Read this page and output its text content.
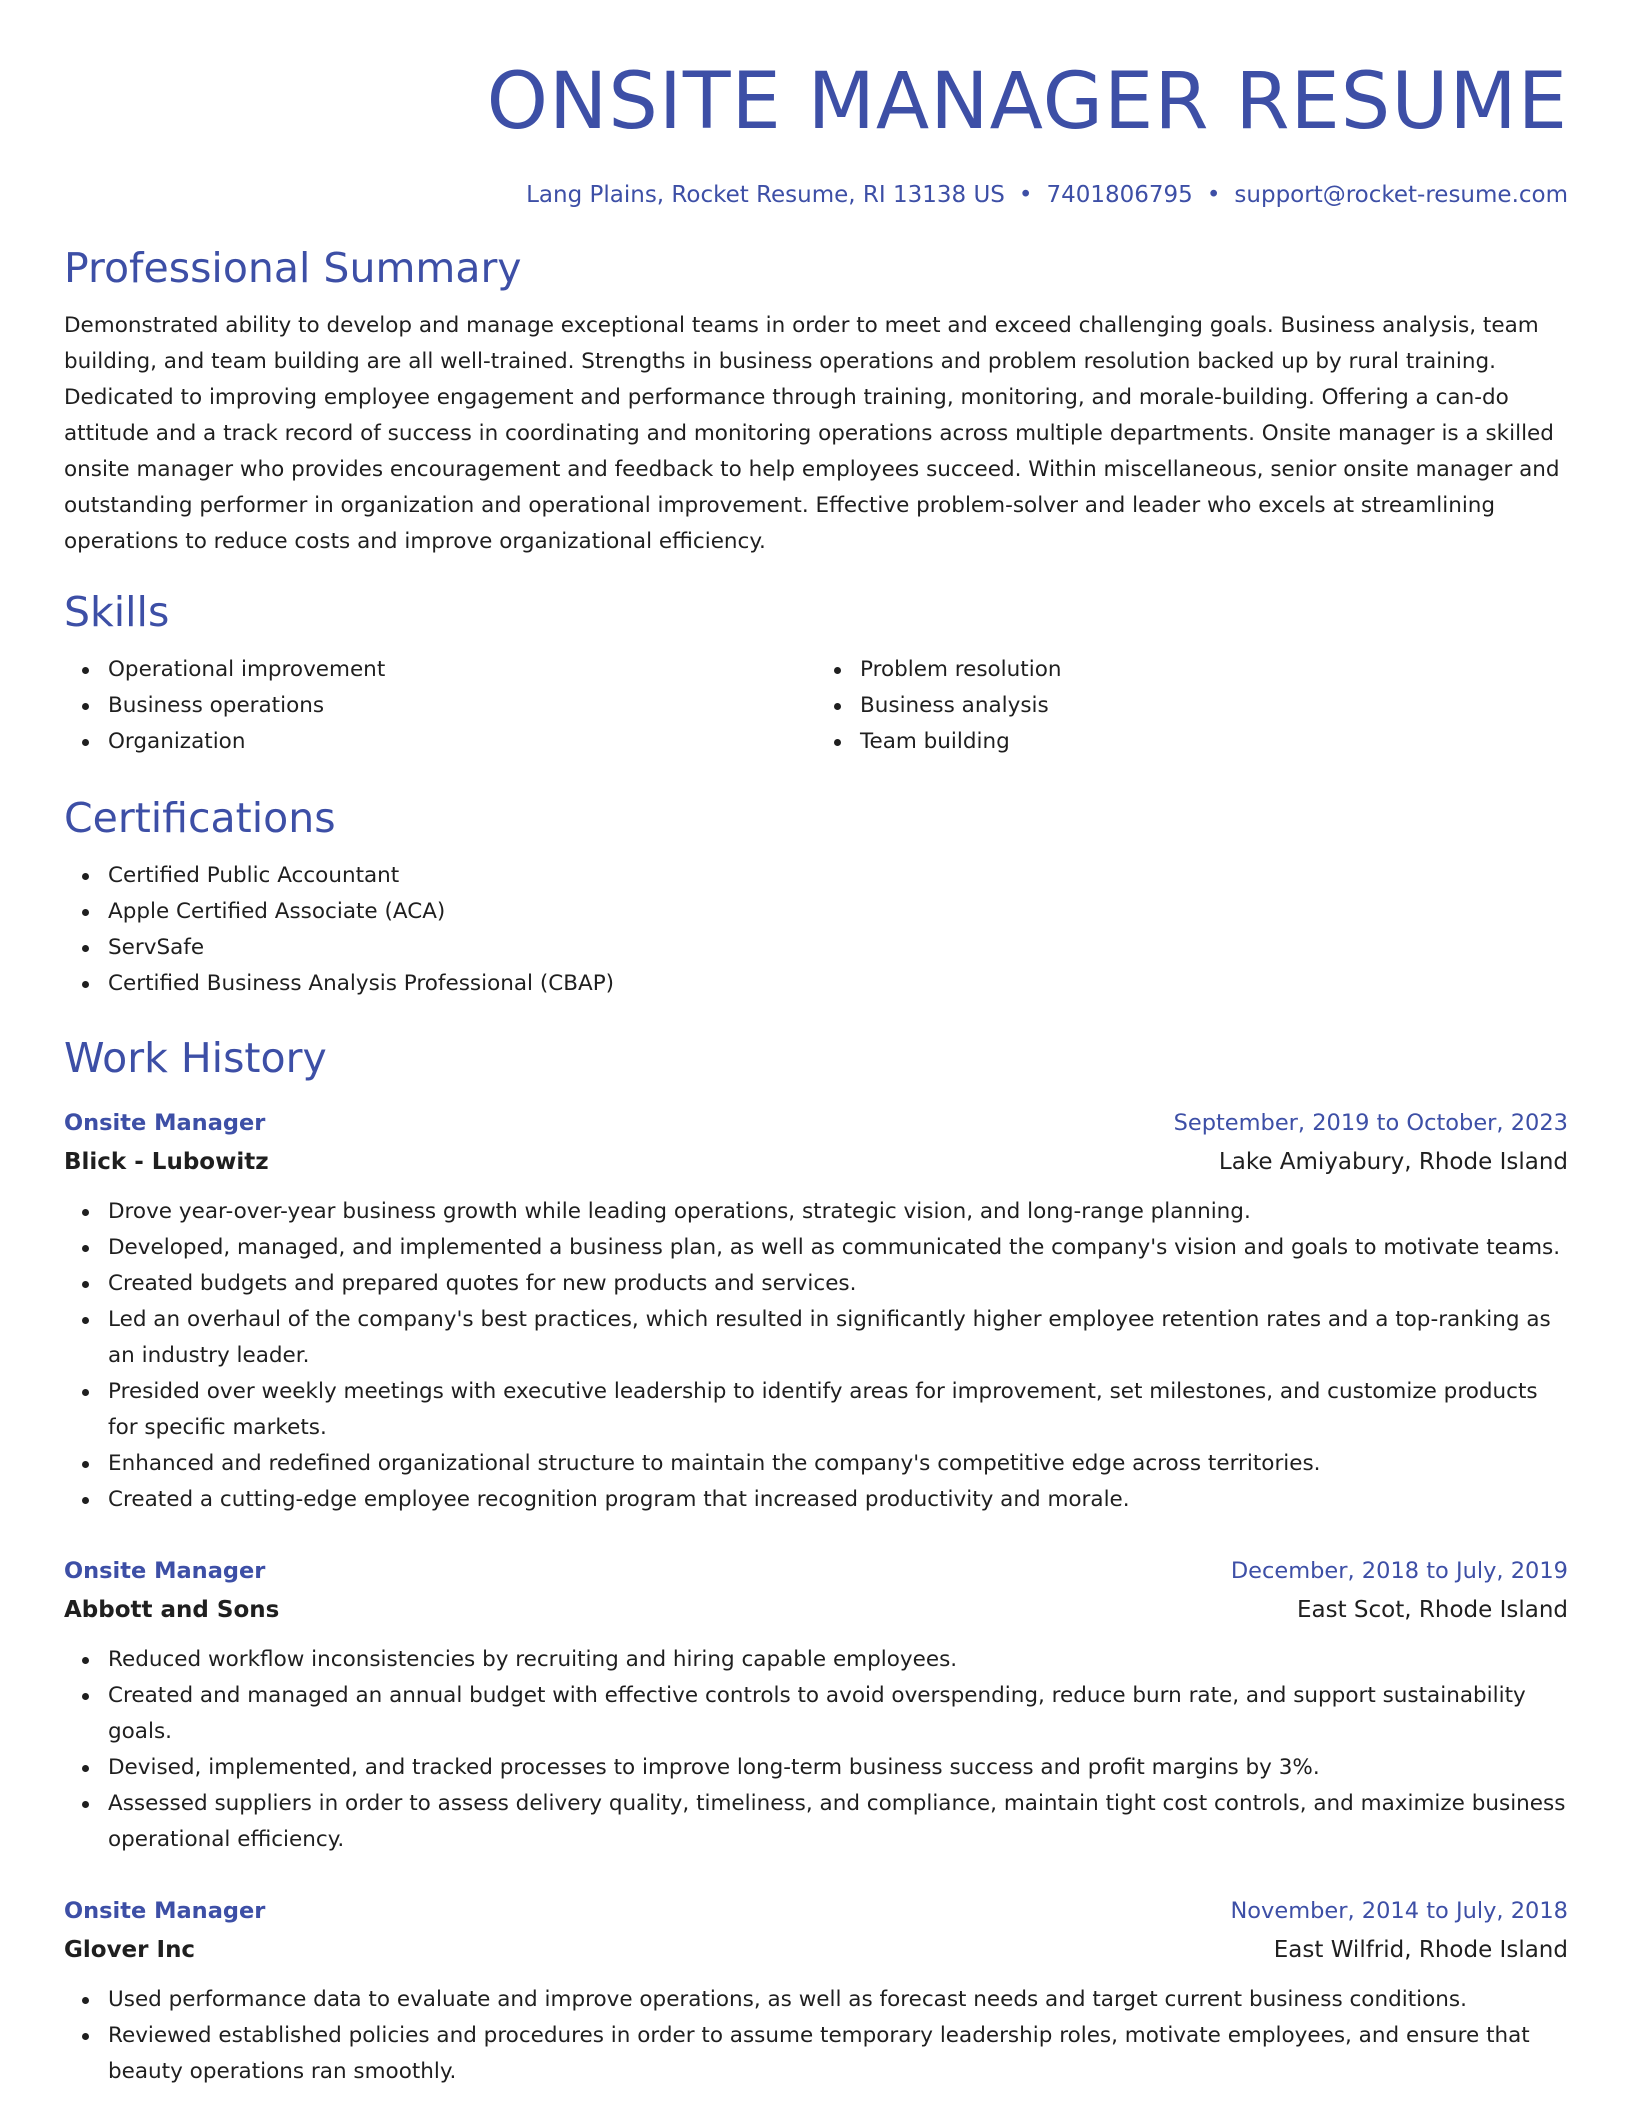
ONSITE MANAGER RESUME
Lang Plains, Rocket Resume, RI 13138 US • 7401806795 • support@rocket-resume.com
Professional Summary

Demonstrated ability to develop and manage exceptional teams in order to meet and exceed challenging goals. Business analysis, team building, and team building are all well-trained. Strengths in business operations and problem resolution backed up by rural training. Dedicated to improving employee engagement and performance through training, monitoring, and morale-building. Offering a can-do attitude and a track record of success in coordinating and monitoring operations across multiple departments. Onsite manager is a skilled onsite manager who provides encouragement and feedback to help employees succeed. Within miscellaneous, senior onsite manager and outstanding performer in organization and operational improvement. Effective problem-solver and leader who excels at streamlining operations to reduce costs and improve organizational efficiency.

Skills
Operational improvement
Business operations
Organization
Problem resolution
Business analysis
Team building
Certifications
Certified Public Accountant
Apple Certified Associate (ACA)
ServSafe
Certified Business Analysis Professional (CBAP)
Work History
Onsite Manager	September, 2019 to October, 2023
Blick - Lubowitz	Lake Amiyabury, Rhode Island
Drove year-over-year business growth while leading operations, strategic vision, and long-range planning.
Developed, managed, and implemented a business plan, as well as communicated the company's vision and goals to motivate teams.
Created budgets and prepared quotes for new products and services.
Led an overhaul of the company's best practices, which resulted in significantly higher employee retention rates and a top-ranking as an industry leader.
Presided over weekly meetings with executive leadership to identify areas for improvement, set milestones, and customize products for specific markets.
Enhanced and redefined organizational structure to maintain the company's competitive edge across territories.
Created a cutting-edge employee recognition program that increased productivity and morale.
Onsite Manager	December, 2018 to July, 2019
Abbott and Sons	East Scot, Rhode Island
Reduced workflow inconsistencies by recruiting and hiring capable employees.
Created and managed an annual budget with effective controls to avoid overspending, reduce burn rate, and support sustainability goals.
Devised, implemented, and tracked processes to improve long-term business success and profit margins by 3%.
Assessed suppliers in order to assess delivery quality, timeliness, and compliance, maintain tight cost controls, and maximize business operational efficiency.
Onsite Manager	November, 2014 to July, 2018
Glover Inc	East Wilfrid, Rhode Island
Used performance data to evaluate and improve operations, as well as forecast needs and target current business conditions.
Reviewed established policies and procedures in order to assume temporary leadership roles, motivate employees, and ensure that beauty operations ran smoothly.
